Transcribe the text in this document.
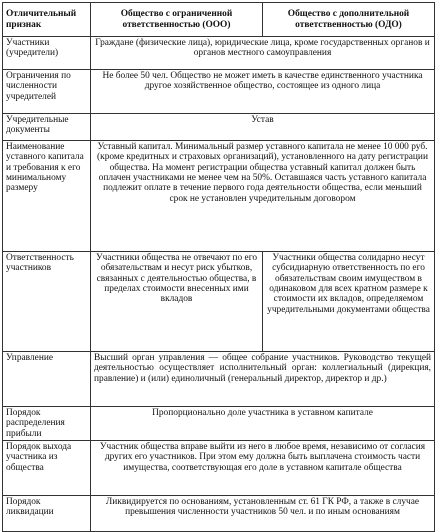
Отличительный признак	Общество с ограниченной ответственностью (ООО)	Общество с дополнительной ответственностью (ОДО)
Участники (учредители)	Граждане (физические лица), юридические лица, кроме государственных органов и органов местного самоуправления	
Ограничения по численности учредителей	Не более 50 чел. Общество не может иметь в качестве единственного участника другое хозяйственное общество, состоящее из одного лица	
Учредительные документы	Устав	
Наименование уставного капитала и требования к его минимальному размеру	Уставный капитал. Минимальный размер уставного капитала не менее 10 000 руб. (кроме кредитных и страховых организаций), установленного на дату регистрации общества. На момент регистрации общества уставный капитал должен быть оплачен участниками не менее чем на 50%. Оставшаяся часть уставного капитала подлежит оплате в течение первого года деятельности общества, если меньший срок не установлен учредительным договором	
Ответственность участников	Участники общества не отвечают по его обязательствам и несут риск убытков, связанных с деятельностью общества, в пределах стоимости внесенных ими вкладов	Участники общества солидарно несут субсидиарную ответственность по его обязательствам своим имуществом в одинаковом для всех кратном размере к стоимости их вкладов, определяемом учредительными документами общества
Управление	Высший орган управления — общее собрание участников. Руководство текущей деятельностью осуществляет исполнительный орган: коллегиальный (дирекция, правление) и (или) единоличный (генеральный директор, директор и др.)	
Порядок распределения прибыли	Пропорционально доле участника в уставном капитале	
Порядок выхода участника из общества	Участник общества вправе выйти из него в любое время, независимо от согласия других его участников. При этом ему должна быть выплачена стоимость части имущества, соответствующая его доле в уставном капитале общества	
Порядок ликвидации	Ликвидируется по основаниям, установленным ст. 61 ГК РФ, а также в случае превышения численности участников 50 чел. и по иным основаниям	
